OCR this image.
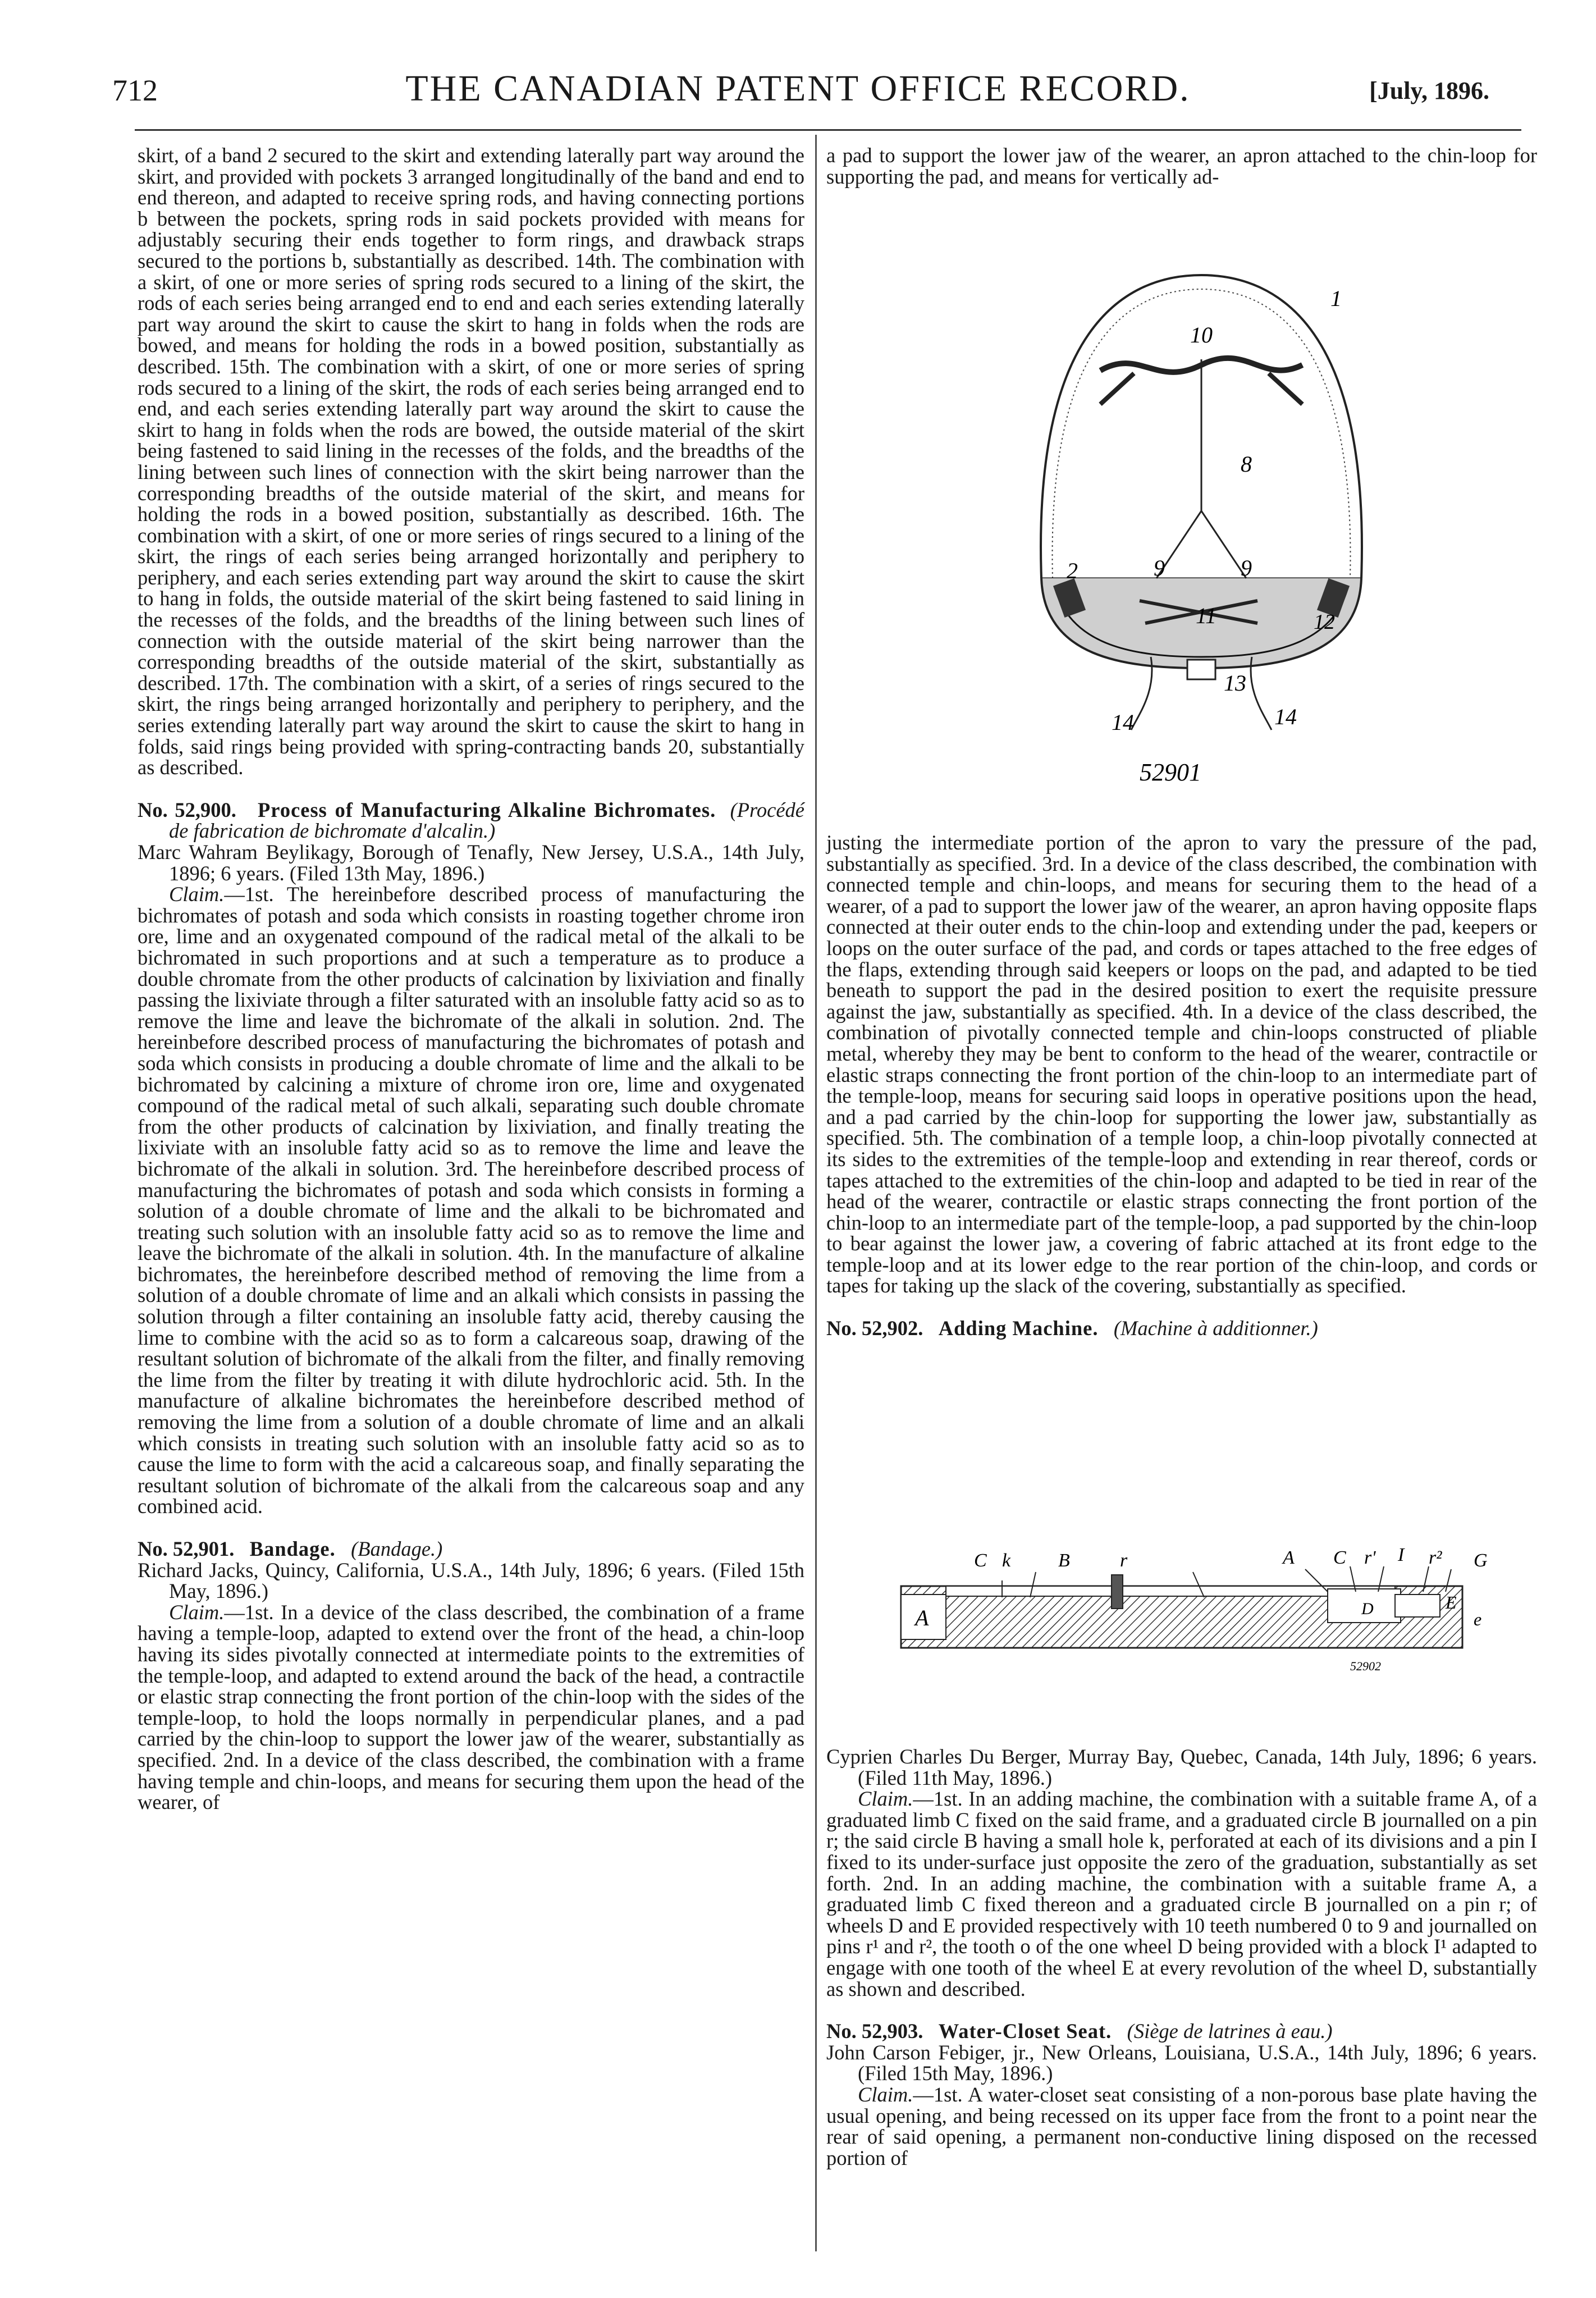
712	THE CANADIAN PATENT OFFICE RECORD.	[July, 1896.

skirt, of a band 2 secured to the skirt and extending laterally part way around the skirt, and provided with pockets 3 arranged longitudinally of the band and end to end thereon, and adapted to receive spring rods, and having connecting portions b between the pockets, spring rods in said pockets provided with means for adjustably securing their ends together to form rings, and drawback straps secured to the portions b, substantially as described. 14th. The combination with a skirt, of one or more series of spring rods secured to a lining of the skirt, the rods of each series being arranged end to end and each series extending laterally part way around the skirt to cause the skirt to hang in folds when the rods are bowed, and means for holding the rods in a bowed position, substantially as described. 15th. The combination with a skirt, of one or more series of spring rods secured to a lining of the skirt, the rods of each series being arranged end to end, and each series extending laterally part way around the skirt to cause the skirt to hang in folds when the rods are bowed, the outside material of the skirt being fastened to said lining in the recesses of the folds, and the breadths of the lining between such lines of connection with the skirt being narrower than the corresponding breadths of the outside material of the skirt, and means for holding the rods in a bowed position, substantially as described. 16th. The combination with a skirt, of one or more series of rings secured to a lining of the skirt, the rings of each series being arranged horizontally and periphery to periphery, and each series extending part way around the skirt to cause the skirt to hang in folds, the outside material of the skirt being fastened to said lining in the recesses of the folds, and the breadths of the lining between such lines of connection with the outside material of the skirt being narrower than the corresponding breadths of the outside material of the skirt, substantially as described. 17th. The combination with a skirt, of a series of rings secured to the skirt, the rings being arranged horizontally and periphery to periphery, and the series extending laterally part way around the skirt to cause the skirt to hang in folds, said rings being provided with spring-contracting bands 20, substantially as described.

No. 52,900. Process of Manufacturing Alkaline Bichromates. (Procédé de fabrication de bichromate d'alcalin.)

Marc Wahram Beylikagy, Borough of Tenafly, New Jersey, U.S.A., 14th July, 1896; 6 years. (Filed 13th May, 1896.)

Claim.—1st. The hereinbefore described process of manufacturing the bichromates of potash and soda which consists in roasting together chrome iron ore, lime and an oxygenated compound of the radical metal of the alkali to be bichromated in such proportions and at such a temperature as to produce a double chromate from the other products of calcination by lixiviation and finally passing the lixiviate through a filter saturated with an insoluble fatty acid so as to remove the lime and leave the bichromate of the alkali in solution. 2nd. The hereinbefore described process of manufacturing the bichromates of potash and soda which consists in producing a double chromate of lime and the alkali to be bichromated by calcining a mixture of chrome iron ore, lime and oxygenated compound of the radical metal of such alkali, separating such double chromate from the other products of calcination by lixiviation, and finally treating the lixiviate with an insoluble fatty acid so as to remove the lime and leave the bichromate of the alkali in solution. 3rd. The hereinbefore described process of manufacturing the bichromates of potash and soda which consists in forming a solution of a double chromate of lime and the alkali to be bichromated and treating such solution with an insoluble fatty acid so as to remove the lime and leave the bichromate of the alkali in solution. 4th. In the manufacture of alkaline bichromates, the hereinbefore described method of removing the lime from a solution of a double chromate of lime and an alkali which consists in passing the solution through a filter containing an insoluble fatty acid, thereby causing the lime to combine with the acid so as to form a calcareous soap, drawing of the resultant solution of bichromate of the alkali from the filter, and finally removing the lime from the filter by treating it with dilute hydrochloric acid. 5th. In the manufacture of alkaline bichromates the hereinbefore described method of removing the lime from a solution of a double chromate of lime and an alkali which consists in treating such solution with an insoluble fatty acid so as to cause the lime to form with the acid a calcareous soap, and finally separating the resultant solution of bichromate of the alkali from the calcareous soap and any combined acid.

No. 52,901. Bandage. (Bandage.)

Richard Jacks, Quincy, California, U.S.A., 14th July, 1896; 6 years. (Filed 15th May, 1896.)

Claim.—1st. In a device of the class described, the combination of a frame having a temple-loop, adapted to extend over the front of the head, a chin-loop having its sides pivotally connected at intermediate points to the extremities of the temple-loop, and adapted to extend around the back of the head, a contractile or elastic strap connecting the front portion of the chin-loop with the sides of the temple-loop, to hold the loops normally in perpendicular planes, and a pad carried by the chin-loop to support the lower jaw of the wearer, substantially as specified. 2nd. In a device of the class described, the combination with a frame having temple and chin-loops, and means for securing them upon the head of the wearer, of

a pad to support the lower jaw of the wearer, an apron attached to the chin-loop for supporting the pad, and means for vertically ad-

1
10
8
2	9	9
11	12
13
14	14
52901

justing the intermediate portion of the apron to vary the pressure of the pad, substantially as specified. 3rd. In a device of the class described, the combination with connected temple and chin-loops, and means for securing them to the head of a wearer, of a pad to support the lower jaw of the wearer, an apron having opposite flaps connected at their outer ends to the chin-loop and extending under the pad, keepers or loops on the outer surface of the pad, and cords or tapes attached to the free edges of the flaps, extending through said keepers or loops on the pad, and adapted to be tied beneath to support the pad in the desired position to exert the requisite pressure against the jaw, substantially as specified. 4th. In a device of the class described, the combination of pivotally connected temple and chin-loops constructed of pliable metal, whereby they may be bent to conform to the head of the wearer, contractile or elastic straps connecting the front portion of the chin-loop to an intermediate part of the temple-loop, means for securing said loops in operative positions upon the head, and a pad carried by the chin-loop for supporting the lower jaw, substantially as specified. 5th. The combination of a temple loop, a chin-loop pivotally connected at its sides to the extremities of the temple-loop and extending in rear thereof, cords or tapes attached to the extremities of the chin-loop and adapted to be tied in rear of the head of the wearer, contractile or elastic straps connecting the front portion of the chin-loop to an intermediate part of the temple-loop, a pad supported by the chin-loop to bear against the lower jaw, a covering of fabric attached at its front edge to the temple-loop and at its lower edge to the rear portion of the chin-loop, and cords or tapes for taking up the slack of the covering, substantially as specified.

No. 52,902. Adding Machine. (Machine à additionner.)

C k B	r	A C r' I r² G
A	D	E
e
52902

Cyprien Charles Du Berger, Murray Bay, Quebec, Canada, 14th July, 1896; 6 years. (Filed 11th May, 1896.)

Claim.—1st. In an adding machine, the combination with a suitable frame A, of a graduated limb C fixed on the said frame, and a graduated circle B journalled on a pin r; the said circle B having a small hole k, perforated at each of its divisions and a pin I fixed to its under-surface just opposite the zero of the graduation, substantially as set forth. 2nd. In an adding machine, the combination with a suitable frame A, a graduated limb C fixed thereon and a graduated circle B journalled on a pin r; of wheels D and E provided respectively with 10 teeth numbered 0 to 9 and journalled on pins r¹ and r², the tooth o of the one wheel D being provided with a block I¹ adapted to engage with one tooth of the wheel E at every revolution of the wheel D, substantially as shown and described.

No. 52,903. Water-Closet Seat. (Siège de latrines à eau.)

John Carson Febiger, jr., New Orleans, Louisiana, U.S.A., 14th July, 1896; 6 years. (Filed 15th May, 1896.)

Claim.—1st. A water-closet seat consisting of a non-porous base plate having the usual opening, and being recessed on its upper face from the front to a point near the rear of said opening, a permanent non-conductive lining disposed on the recessed portion of
